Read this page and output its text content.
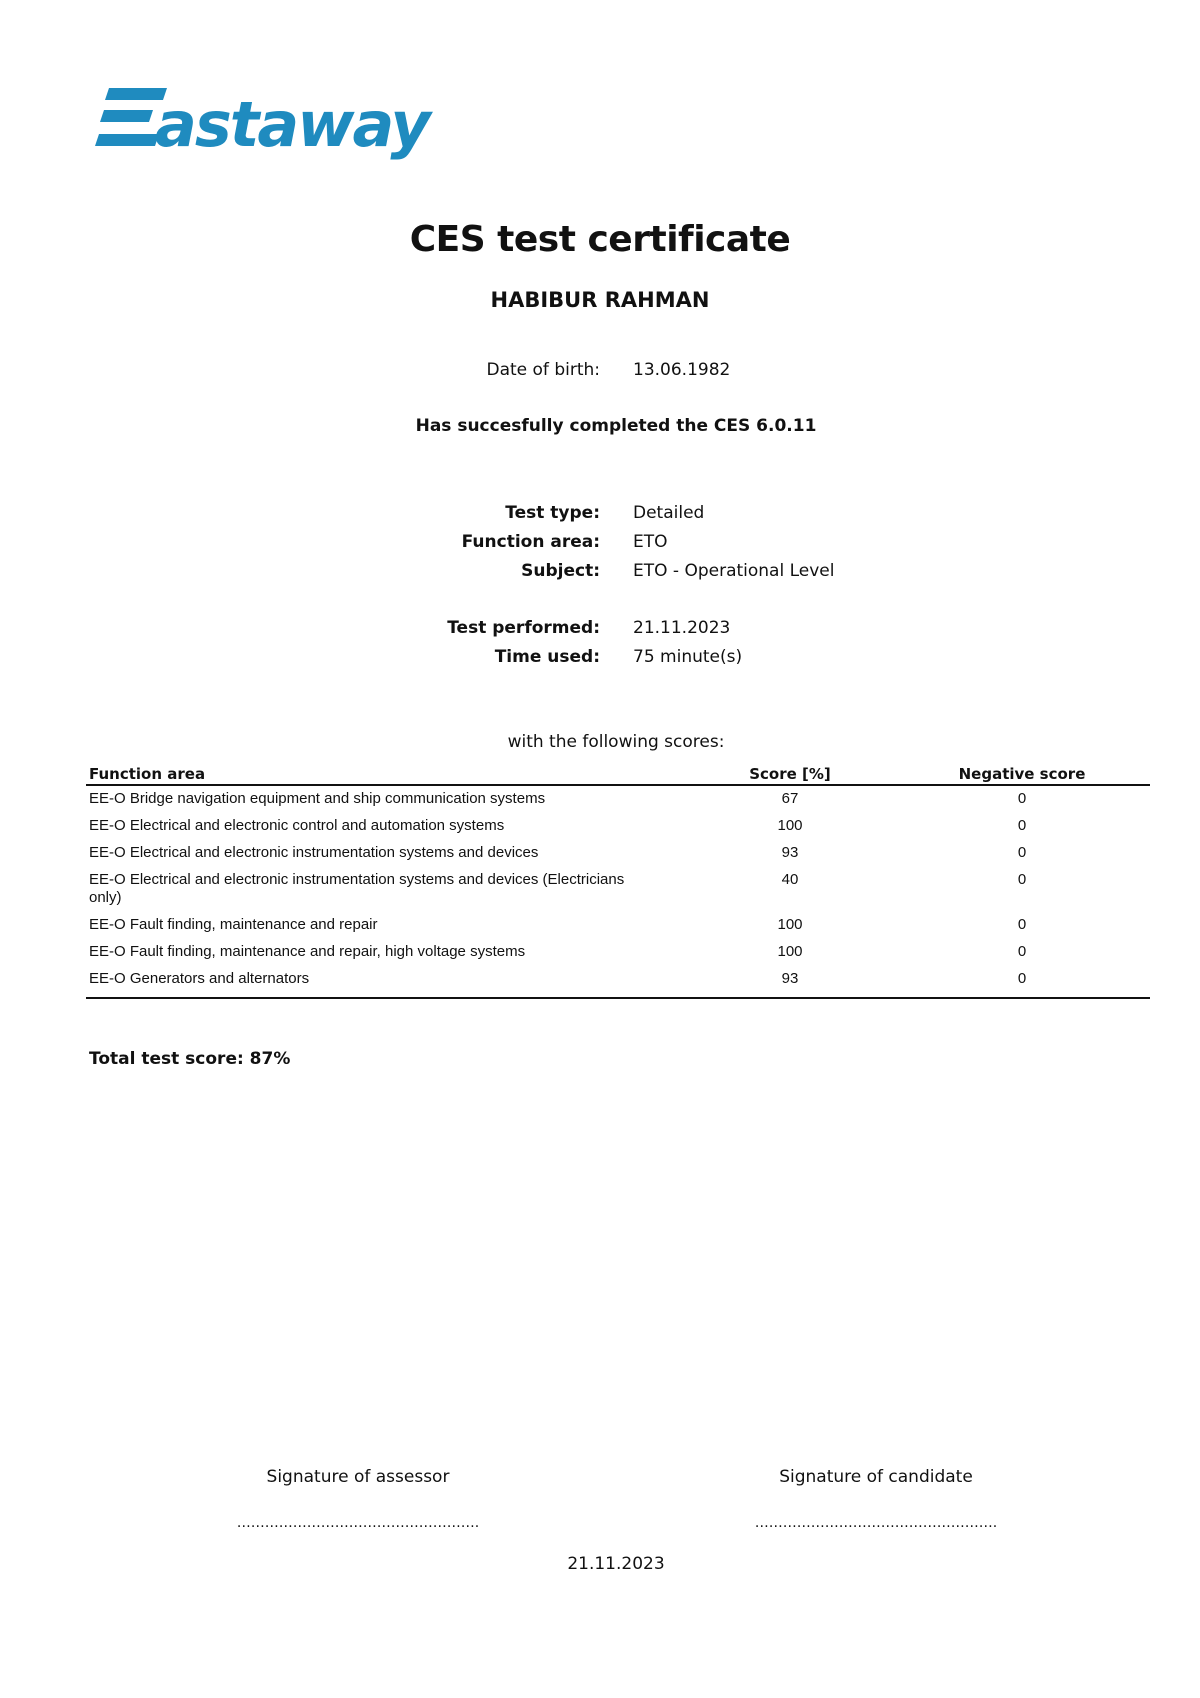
astaway
CES test certificate
HABIBUR RAHMAN
Date of birth: 13.06.1982
Has succesfully completed the CES 6.0.11
Test type: Detailed
Function area: ETO
Subject: ETO - Operational Level
Test performed: 21.11.2023
Time used: 75 minute(s)
with the following scores:
Function area	Score [%]	Negative score
EE-O Bridge navigation equipment and ship communication systems	67	0
EE-O Electrical and electronic control and automation systems	100	0
EE-O Electrical and electronic instrumentation systems and devices	93	0
EE-O Electrical and electronic instrumentation systems and devices (Electricians only)	40	0
EE-O Fault finding, maintenance and repair	100	0
EE-O Fault finding, maintenance and repair, high voltage systems	100	0
EE-O Generators and alternators	93	0
Total test score: 87%
Signature of assessor	Signature of candidate
…………………………………………….	…………………………………………….
21.11.2023
